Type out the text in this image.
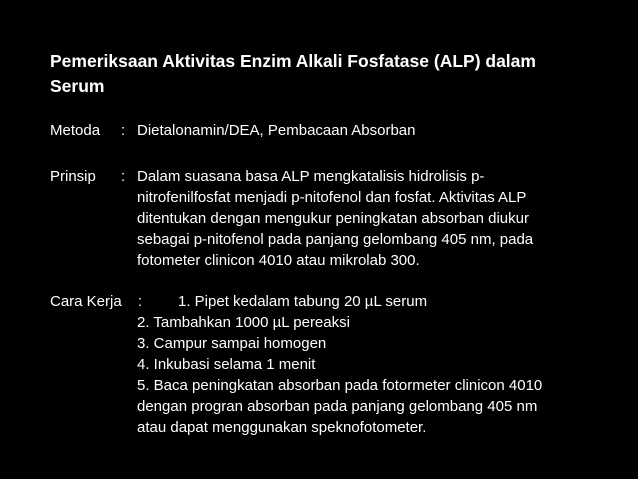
Pemeriksaan Aktivitas Enzim Alkali Fosfatase (ALP) dalam
Serum
Metoda : Dietalonamin/DEA, Pembacaan Absorban
Prinsip : Dalam suasana basa ALP mengkatalisis hidrolisis p-
nitrofenilfosfat menjadi p-nitofenol dan fosfat. Aktivitas ALP
ditentukan dengan mengukur peningkatan absorban diukur
sebagai p-nitofenol pada panjang gelombang 405 nm, pada
fotometer clinicon 4010 atau mikrolab 300.
Cara Kerja : 1. Pipet kedalam tabung 20 µL serum
2. Tambahkan 1000 µL pereaksi
3. Campur sampai homogen
4. Inkubasi selama 1 menit
5. Baca peningkatan absorban pada fotormeter clinicon 4010
dengan progran absorban pada panjang gelombang 405 nm
atau dapat menggunakan speknofotometer.
